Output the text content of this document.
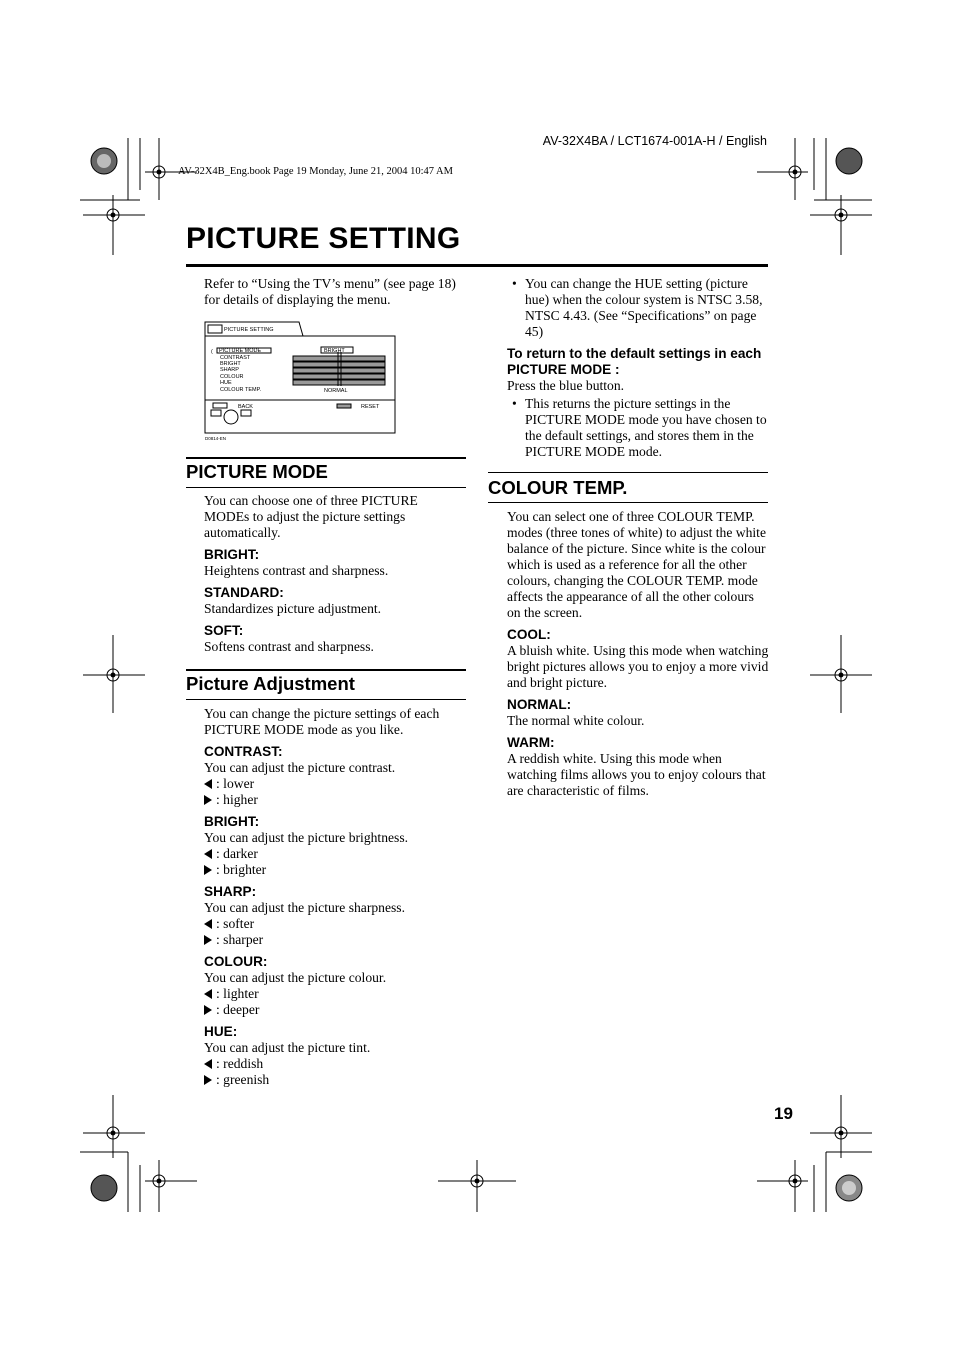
AV-32X4BA / LCT1674-001A-H / English
AV-32X4B_Eng.book Page 19 Monday, June 21, 2004 10:47 AM
PICTURE SETTING
Refer to “Using the TV’s menu” (see page 18) for details of displaying the menu.
PICTURE SETTING
( PICTURE MODE
CONTRAST
BRIGHT
SHARP
COLOUR
HUE
COLOUR TEMP.
BRIGHT
NORMAL
BACK	RESET
D0814-EN
PICTURE MODE

You can choose one of three PICTURE MODEs to adjust the picture settings automatically.

BRIGHT:

Heightens contrast and sharpness.

STANDARD:

Standardizes picture adjustment.

SOFT:

Softens contrast and sharpness.

Picture Adjustment

You can change the picture settings of each PICTURE MODE mode as you like.

CONTRAST:

You can adjust the picture contrast.

: lower
: higher
BRIGHT:

You can adjust the picture brightness.

: darker
: brighter
SHARP:

You can adjust the picture sharpness.

: softer
: sharper
COLOUR:

You can adjust the picture colour.

: lighter
: deeper
HUE:

You can adjust the picture tint.

: reddish
: greenish
• You can change the HUE setting (picture hue) when the colour system is NTSC 3.58, NTSC 4.43. (See “Specifications” on page 45)
To return to the default settings in each PICTURE MODE :

Press the blue button.

• This returns the picture settings in the PICTURE MODE mode you have chosen to the default settings, and stores them in the PICTURE MODE mode.
COLOUR TEMP.

You can select one of three COLOUR TEMP. modes (three tones of white) to adjust the white balance of the picture. Since white is the colour which is used as a reference for all the other colours, changing the COLOUR TEMP. mode affects the appearance of all the other colours on the screen.

COOL:

A bluish white. Using this mode when watching bright pictures allows you to enjoy a more vivid and bright picture.

NORMAL:

The normal white colour.

WARM:

A reddish white. Using this mode when watching films allows you to enjoy colours that are characteristic of films.

19
